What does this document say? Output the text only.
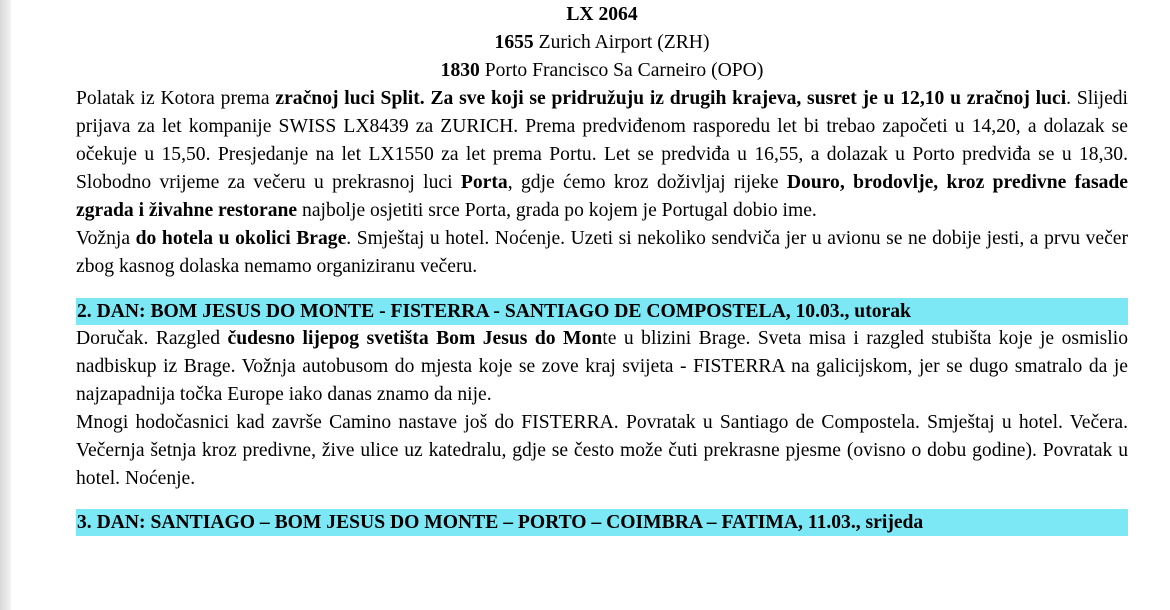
LX 2064
1655 Zurich Airport (ZRH)
1830 Porto Francisco Sa Carneiro (OPO)

Polatak iz Kotora prema zračnoj luci Split. Za sve koji se pridružuju iz drugih krajeva, susret je u 12,10 u zračnoj luci. Slijedi prijava za let kompanije SWISS LX8439 za ZURICH. Prema predviđenom rasporedu let bi trebao započeti u 14,20, a dolazak se očekuje u 15,50. Presjedanje na let LX1550 za let prema Portu. Let se predviđa u 16,55, a dolazak u Porto predviđa se u 18,30. Slobodno vrijeme za večeru u prekrasnoj luci Porta, gdje ćemo kroz doživljaj rijeke Douro, brodovlje, kroz predivne fasade zgrada i živahne restorane najbolje osjetiti srce Porta, grada po kojem je Portugal dobio ime.

Vožnja do hotela u okolici Brage. Smještaj u hotel. Noćenje. Uzeti si nekoliko sendviča jer u avionu se ne dobije jesti, a prvu večer zbog kasnog dolaska nemamo organiziranu večeru.

2. DAN: BOM JESUS DO MONTE - FISTERRA - SANTIAGO DE COMPOSTELA, 10.03., utorak

Doručak. Razgled čudesno lijepog svetišta Bom Jesus do Monte u blizini Brage. Sveta misa i razgled stubišta koje je osmislio nadbiskup iz Brage. Vožnja autobusom do mjesta koje se zove kraj svijeta - FISTERRA na galicijskom, jer se dugo smatralo da je najzapadnija točka Europe iako danas znamo da nije.

Mnogi hodočasnici kad završe Camino nastave još do FISTERRA. Povratak u Santiago de Compostela. Smještaj u hotel. Večera. Večernja šetnja kroz predivne, žive ulice uz katedralu, gdje se često može čuti prekrasne pjesme (ovisno o dobu godine). Povratak u hotel. Noćenje.

3. DAN: SANTIAGO – BOM JESUS DO MONTE – PORTO – COIMBRA – FATIMA, 11.03., srijeda
